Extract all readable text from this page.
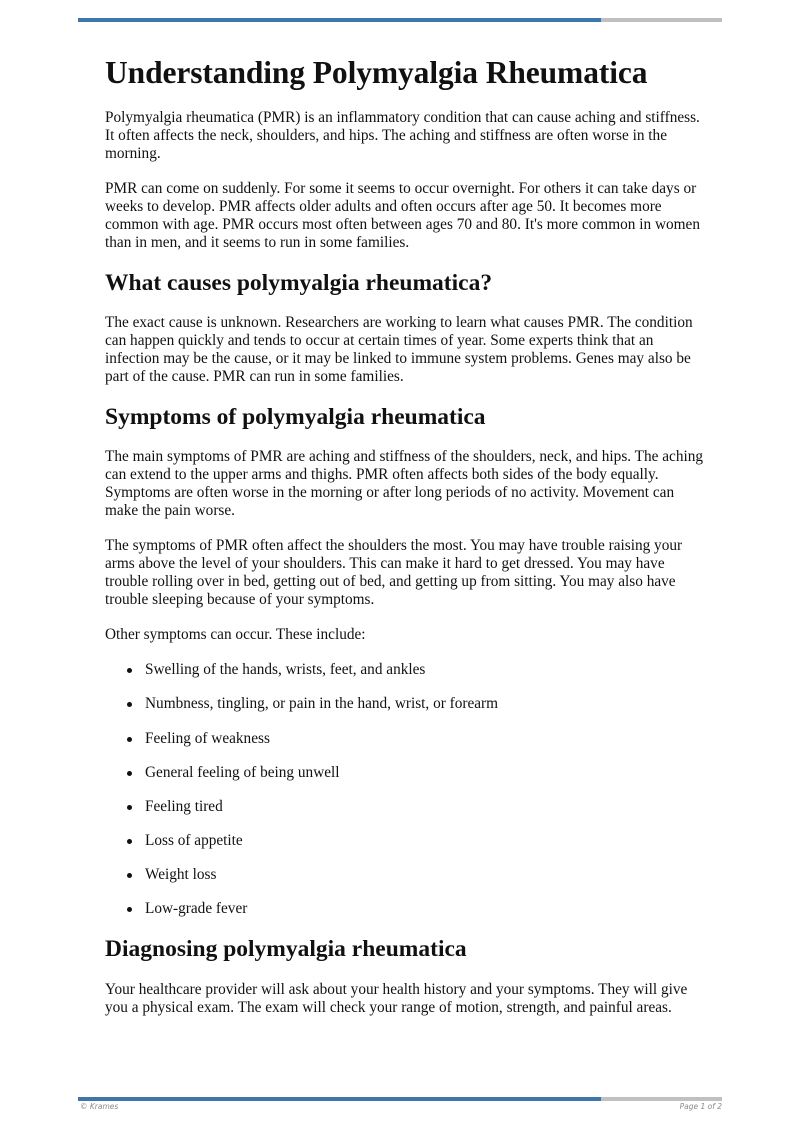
Understanding Polymyalgia Rheumatica

Polymyalgia rheumatica (PMR) is an inflammatory condition that can cause aching and stiffness. It often affects the neck, shoulders, and hips. The aching and stiffness are often worse in the morning.

PMR can come on suddenly. For some it seems to occur overnight. For others it can take days or weeks to develop. PMR affects older adults and often occurs after age 50. It becomes more common with age. PMR occurs most often between ages 70 and 80. It's more common in women than in men, and it seems to run in some families.

What causes polymyalgia rheumatica?

The exact cause is unknown. Researchers are working to learn what causes PMR. The condition can happen quickly and tends to occur at certain times of year. Some experts think that an infection may be the cause, or it may be linked to immune system problems. Genes may also be part of the cause. PMR can run in some families.

Symptoms of polymyalgia rheumatica

The main symptoms of PMR are aching and stiffness of the shoulders, neck, and hips. The aching can extend to the upper arms and thighs. PMR often affects both sides of the body equally. Symptoms are often worse in the morning or after long periods of no activity. Movement can make the pain worse.

The symptoms of PMR often affect the shoulders the most. You may have trouble raising your arms above the level of your shoulders. This can make it hard to get dressed. You may have trouble rolling over in bed, getting out of bed, and getting up from sitting. You may also have trouble sleeping because of your symptoms.

Other symptoms can occur. These include:

Swelling of the hands, wrists, feet, and ankles
Numbness, tingling, or pain in the hand, wrist, or forearm
Feeling of weakness
General feeling of being unwell
Feeling tired
Loss of appetite
Weight loss
Low-grade fever
Diagnosing polymyalgia rheumatica

Your healthcare provider will ask about your health history and your symptoms. They will give you a physical exam. The exam will check your range of motion, strength, and painful areas.

© Krames	Page 1 of 2
